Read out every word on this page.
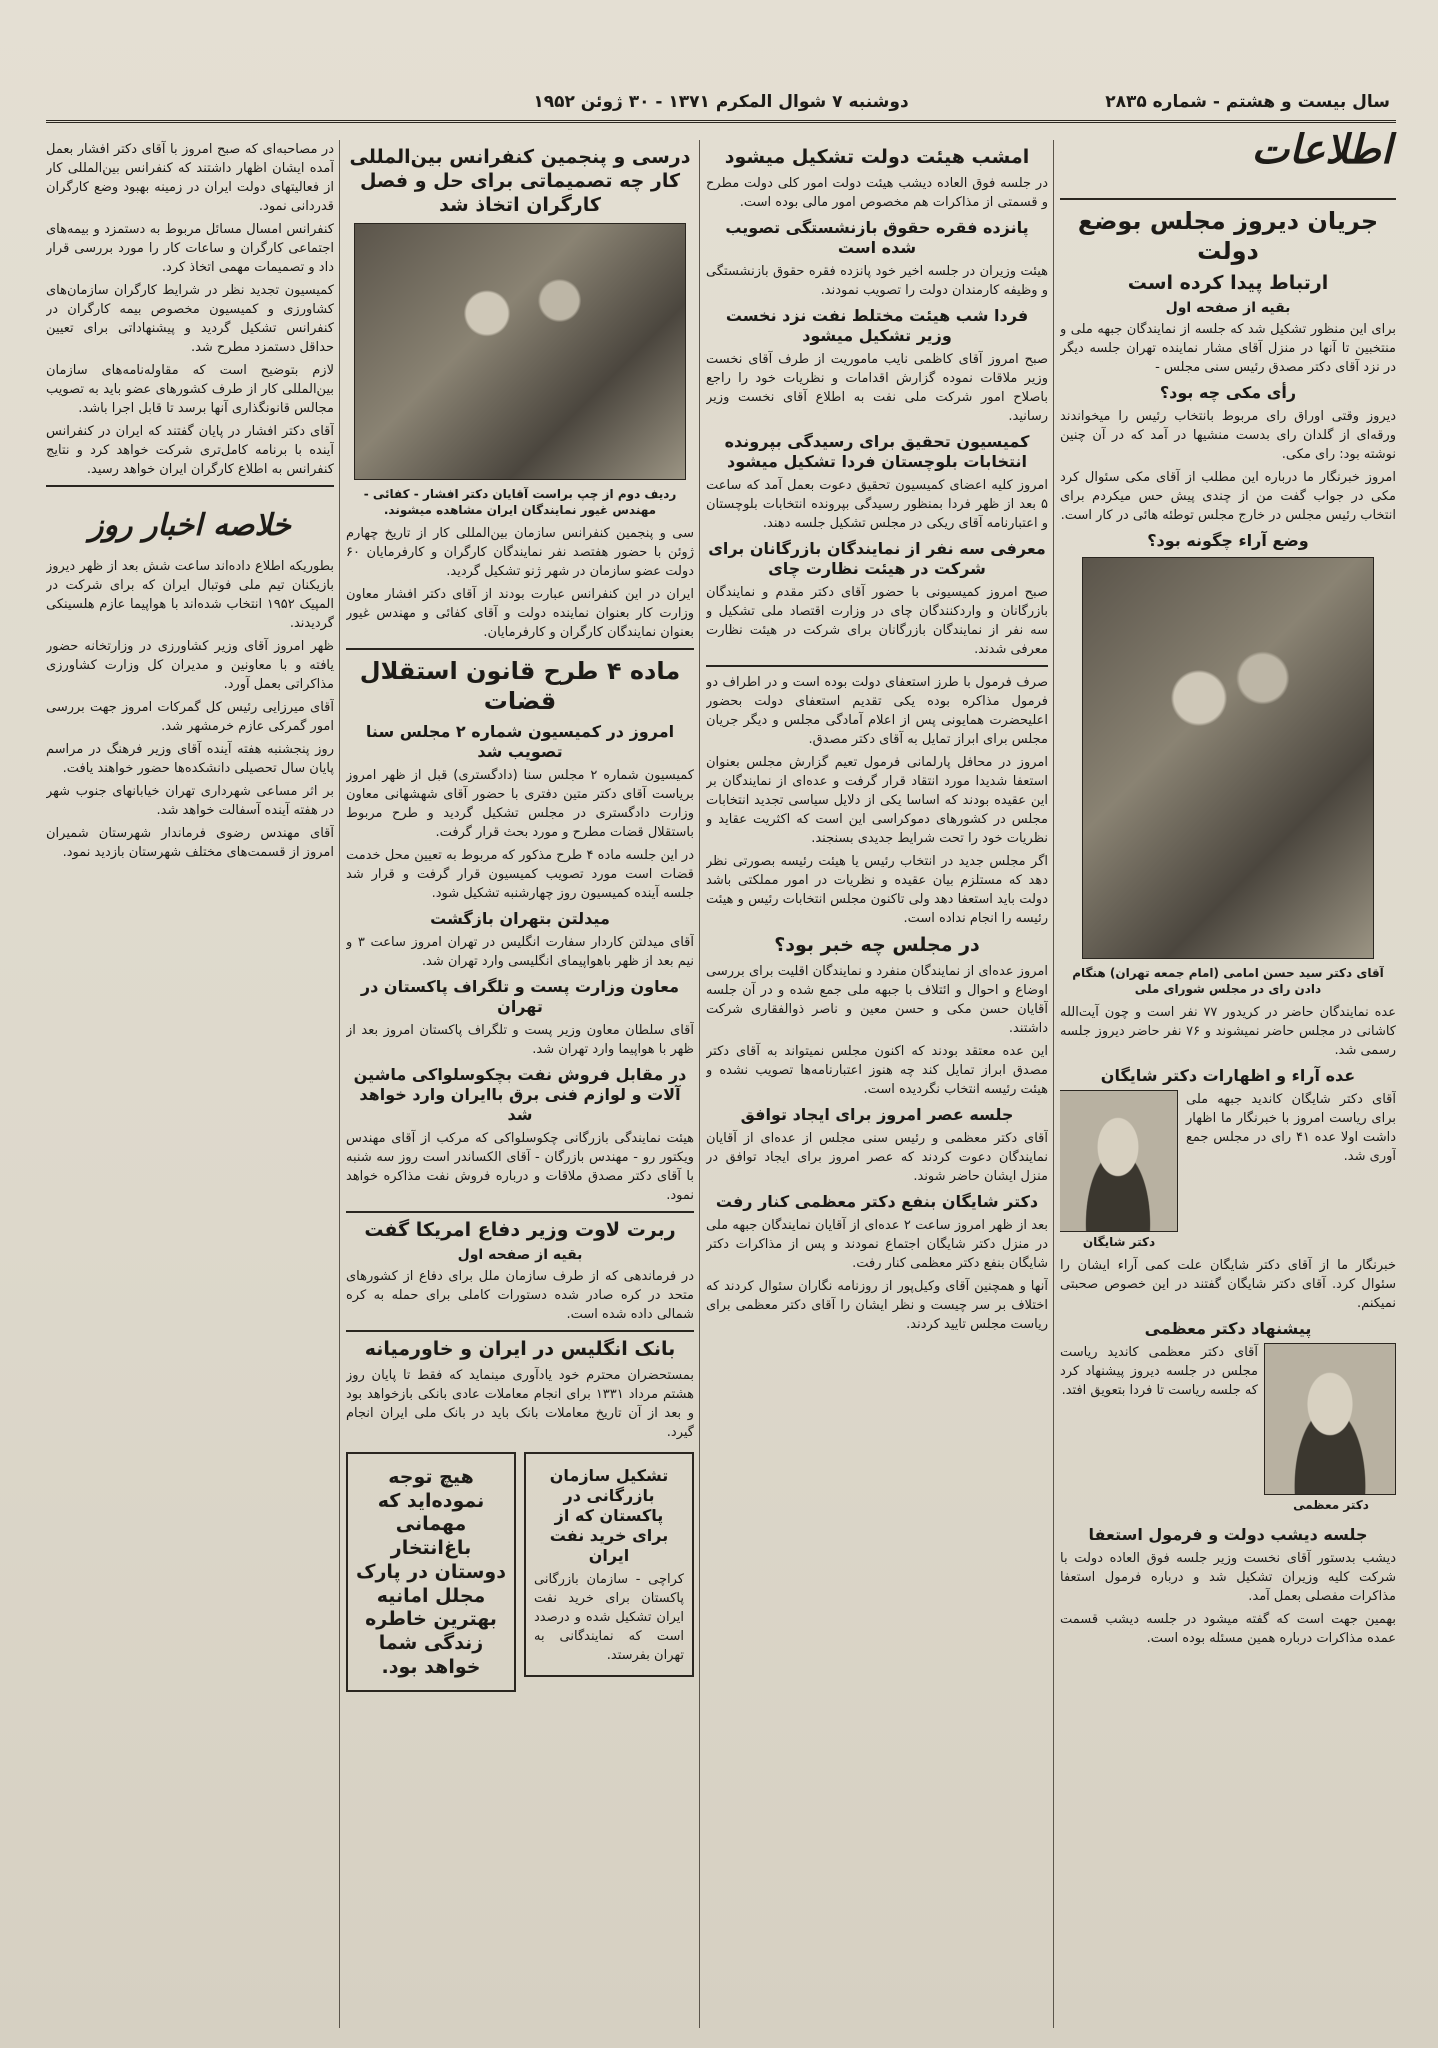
سال بیست و هشتم - شماره ۲۸۳۵
دوشنبه ۷ شوال المکرم ۱۳۷۱ - ۳۰ ژوئن ۱۹۵۲
اطلاعات
جریان دیروز مجلس بوضع دولت
ارتباط پیدا کرده است
بقیه از صفحه اول

برای این منظور تشکیل شد که جلسه از نمایندگان جبهه ملی و منتخبین تا آنها در منزل آقای مشار نماینده تهران جلسه دیگر در نزد آقای دکتر مصدق رئیس سنی مجلس -

رأی مکی چه بود؟

دیروز وقتی اوراق رای مربوط بانتخاب رئیس را میخواندند ورقه‌ای از گلدان رای بدست منشیها در آمد که در آن چنین نوشته بود: رای مکی.

امروز خبرنگار ما درباره این مطلب از آقای مکی سئوال کرد مکی در جواب گفت من از چندی پیش حس میکردم برای انتخاب رئیس مجلس در خارج مجلس توطئه هائی در کار است.

وضع آراء چگونه بود؟
آقای دکتر سید حسن امامی (امام جمعه تهران) هنگام دادن رای در مجلس شورای ملی

عده نمایندگان حاضر در کریدور ۷۷ نفر است و چون آیت‌الله کاشانی در مجلس حاضر نمیشوند و ۷۶ نفر حاضر دیروز جلسه رسمی شد.

عده آراء و اظهارات دکتر شایگان

آقای دکتر شایگان کاندید جبهه ملی برای ریاست امروز با خبرنگار ما اظهار داشت اولا عده ۴۱ رای در مجلس جمع آوری شد.

دکتر شایگان

خبرنگار ما از آقای دکتر شایگان علت کمی آراء ایشان را سئوال کرد. آقای دکتر شایگان گفتند در این خصوص صحبتی نمیکنم.

پیشنهاد دکتر معظمی
دکتر معظمی

آقای دکتر معظمی کاندید ریاست مجلس در جلسه دیروز پیشنهاد کرد که جلسه ریاست تا فردا بتعویق افتد.

جلسه دیشب دولت و فرمول استعفا

دیشب بدستور آقای نخست وزیر جلسه فوق العاده دولت با شرکت کلیه وزیران تشکیل شد و درباره فرمول استعفا مذاکرات مفصلی بعمل آمد.

بهمین جهت است که گفته میشود در جلسه دیشب قسمت عمده مذاکرات درباره همین مسئله بوده است.

امشب هیئت دولت تشکیل میشود

در جلسه فوق العاده دیشب هیئت دولت امور کلی دولت مطرح و قسمتی از مذاکرات هم مخصوص امور مالی بوده است.

پانزده فقره حقوق بازنشستگی تصویب شده است

هیئت وزیران در جلسه اخیر خود پانزده فقره حقوق بازنشستگی و وظیفه کارمندان دولت را تصویب نمودند.

فردا شب هیئت مختلط نفت نزد نخست وزیر تشکیل میشود

صبح امروز آقای کاظمی نایب ماموریت از طرف آقای نخست وزیر ملاقات نموده گزارش اقدامات و نظریات خود را راجع باصلاح امور شرکت ملی نفت به اطلاع آقای نخست وزیر رسانید.

کمیسیون تحقیق برای رسیدگی بپرونده انتخابات بلوچستان فردا تشکیل میشود

امروز کلیه اعضای کمیسیون تحقیق دعوت بعمل آمد که ساعت ۵ بعد از ظهر فردا بمنظور رسیدگی بپرونده انتخابات بلوچستان و اعتبارنامه آقای ریکی در مجلس تشکیل جلسه دهند.

معرفی سه نفر از نمایندگان بازرگانان برای شرکت در هیئت نظارت چای

صبح امروز کمیسیونی با حضور آقای دکتر مقدم و نمایندگان بازرگانان و واردکنندگان چای در وزارت اقتصاد ملی تشکیل و سه نفر از نمایندگان بازرگانان برای شرکت در هیئت نظارت معرفی شدند.

صرف فرمول با طرز استعفای دولت بوده است و در اطراف دو فرمول مذاکره بوده یکی تقدیم استعفای دولت بحضور اعلیحضرت همایونی پس از اعلام آمادگی مجلس و دیگر جریان مجلس برای ابراز تمایل به آقای دکتر مصدق.

امروز در محافل پارلمانی فرمول تعیم گزارش مجلس بعنوان استعفا شدیدا مورد انتقاد قرار گرفت و عده‌ای از نمایندگان بر این عقیده بودند که اساسا یکی از دلایل سیاسی تجدید انتخابات مجلس در کشورهای دموکراسی این است که اکثریت عقاید و نظریات خود را تحت شرایط جدیدی بسنجند.

اگر مجلس جدید در انتخاب رئیس یا هیئت رئیسه بصورتی نظر دهد که مستلزم بیان عقیده و نظریات در امور مملکتی باشد دولت باید استعفا دهد ولی تاکنون مجلس انتخابات رئیس و هیئت رئیسه را انجام نداده است.

در مجلس چه خبر بود؟

امروز عده‌ای از نمایندگان منفرد و نمایندگان اقلیت برای بررسی اوضاع و احوال و ائتلاف با جبهه ملی جمع شده و در آن جلسه آقایان حسن مکی و حسن معین و ناصر ذوالفقاری شرکت داشتند.

این عده معتقد بودند که اکنون مجلس نمیتواند به آقای دکتر مصدق ابراز تمایل کند چه هنوز اعتبارنامه‌ها تصویب نشده و هیئت رئیسه انتخاب نگردیده است.

جلسه عصر امروز برای ایجاد توافق

آقای دکتر معظمی و رئیس سنی مجلس از عده‌ای از آقایان نمایندگان دعوت کردند که عصر امروز برای ایجاد توافق در منزل ایشان حاضر شوند.

دکتر شایگان بنفع دکتر معظمی کنار رفت

بعد از ظهر امروز ساعت ۲ عده‌ای از آقایان نمایندگان جبهه ملی در منزل دکتر شایگان اجتماع نمودند و پس از مذاکرات دکتر شایگان بنفع دکتر معظمی کنار رفت.

آنها و همچنین آقای وکیل‌پور از روزنامه نگاران سئوال کردند که اختلاف بر سر چیست و نظر ایشان را آقای دکتر معظمی برای ریاست مجلس تایید کردند.

درسی و پنجمین کنفرانس بین‌المللی کار چه تصمیماتی برای حل و فصل کارگران اتخاذ شد
ردیف دوم از چپ براست آقایان دکتر افشار - کفائی - مهندس غیور نمایندگان ایران مشاهده میشوند.

سی و پنجمین کنفرانس سازمان بین‌المللی کار از تاریخ چهارم ژوئن با حضور هفتصد نفر نمایندگان کارگران و کارفرمایان ۶۰ دولت عضو سازمان در شهر ژنو تشکیل گردید.

ایران در این کنفرانس عبارت بودند از آقای دکتر افشار معاون وزارت کار بعنوان نماینده دولت و آقای کفائی و مهندس غیور بعنوان نمایندگان کارگران و کارفرمایان.

ماده ۴ طرح قانون استقلال قضات
امروز در کمیسیون شماره ۲ مجلس سنا تصویب شد

کمیسیون شماره ۲ مجلس سنا (دادگستری) قبل از ظهر امروز بریاست آقای دکتر متین دفتری با حضور آقای شهشهانی معاون وزارت دادگستری در مجلس تشکیل گردید و طرح مربوط باستقلال قضات مطرح و مورد بحث قرار گرفت.

در این جلسه ماده ۴ طرح مذکور که مربوط به تعیین محل خدمت قضات است مورد تصویب کمیسیون قرار گرفت و قرار شد جلسه آینده کمیسیون روز چهارشنبه تشکیل شود.

میدلتن بتهران بازگشت

آقای میدلتن کاردار سفارت انگلیس در تهران امروز ساعت ۳ و نیم بعد از ظهر باهواپیمای انگلیسی وارد تهران شد.

معاون وزارت پست و تلگراف پاکستان در تهران

آقای سلطان معاون وزیر پست و تلگراف پاکستان امروز بعد از ظهر با هواپیما وارد تهران شد.

در مقابل فروش نفت بچکوسلواکی ماشین آلات و لوازم فنی برق باایران وارد خواهد شد

هیئت نمایندگی بازرگانی چکوسلواکی که مرکب از آقای مهندس ویکتور رو - مهندس بازرگان - آقای الکساندر است روز سه شنبه با آقای دکتر مصدق ملاقات و درباره فروش نفت مذاکره خواهد نمود.

ربرت لاوت وزیر دفاع امریکا گفت
بقیه از صفحه اول

در فرماندهی که از طرف سازمان ملل برای دفاع از کشورهای متحد در کره صادر شده دستورات کاملی برای حمله به کره شمالی داده شده است.

بانک انگلیس در ایران و خاورمیانه

بمستحضران محترم خود یادآوری مینماید که فقط تا پایان روز هشتم مرداد ۱۳۳۱ برای انجام معاملات عادی بانکی بازخواهد بود و بعد از آن تاریخ معاملات بانک باید در بانک ملی ایران انجام گیرد.

تشکیل سازمان بازرگانی در پاکستان که از برای خرید نفت ایران

کراچی - سازمان بازرگانی پاکستان برای خرید نفت ایران تشکیل شده و درصدد است که نمایندگانی به تهران بفرستد.

هیچ توجه نموده‌اید که مهمانی باغ‌انتخار دوستان در پارک مجلل امانیه بهترین خاطره زندگی شما خواهد بود.

در مصاحبه‌ای که صبح امروز با آقای دکتر افشار بعمل آمده ایشان اظهار داشتند که کنفرانس بین‌المللی کار از فعالیتهای دولت ایران در زمینه بهبود وضع کارگران قدردانی نمود.

کنفرانس امسال مسائل مربوط به دستمزد و بیمه‌های اجتماعی کارگران و ساعات کار را مورد بررسی قرار داد و تصمیمات مهمی اتخاذ کرد.

کمیسیون تجدید نظر در شرایط کارگران سازمان‌های کشاورزی و کمیسیون مخصوص بیمه کارگران در کنفرانس تشکیل گردید و پیشنهاداتی برای تعیین حداقل دستمزد مطرح شد.

لازم بتوضیح است که مقاوله‌نامه‌های سازمان بین‌المللی کار از طرف کشورهای عضو باید به تصویب مجالس قانونگذاری آنها برسد تا قابل اجرا باشد.

آقای دکتر افشار در پایان گفتند که ایران در کنفرانس آینده با برنامه کامل‌تری شرکت خواهد کرد و نتایج کنفرانس به اطلاع کارگران ایران خواهد رسید.

خلاصه اخبار روز

بطوریکه اطلاع داده‌اند ساعت شش بعد از ظهر دیروز بازیکنان تیم ملی فوتبال ایران که برای شرکت در المپیک ۱۹۵۲ انتخاب شده‌اند با هواپیما عازم هلسینکی گردیدند.

ظهر امروز آقای وزیر کشاورزی در وزارتخانه حضور یافته و با معاونین و مدیران کل وزارت کشاورزی مذاکراتی بعمل آورد.

آقای میرزایی رئیس کل گمرکات امروز جهت بررسی امور گمرکی عازم خرمشهر شد.

روز پنجشنبه هفته آینده آقای وزیر فرهنگ در مراسم پایان سال تحصیلی دانشکده‌ها حضور خواهند یافت.

بر اثر مساعی شهرداری تهران خیابانهای جنوب شهر در هفته آینده آسفالت خواهد شد.

آقای مهندس رضوی فرماندار شهرستان شمیران امروز از قسمت‌های مختلف شهرستان بازدید نمود.
